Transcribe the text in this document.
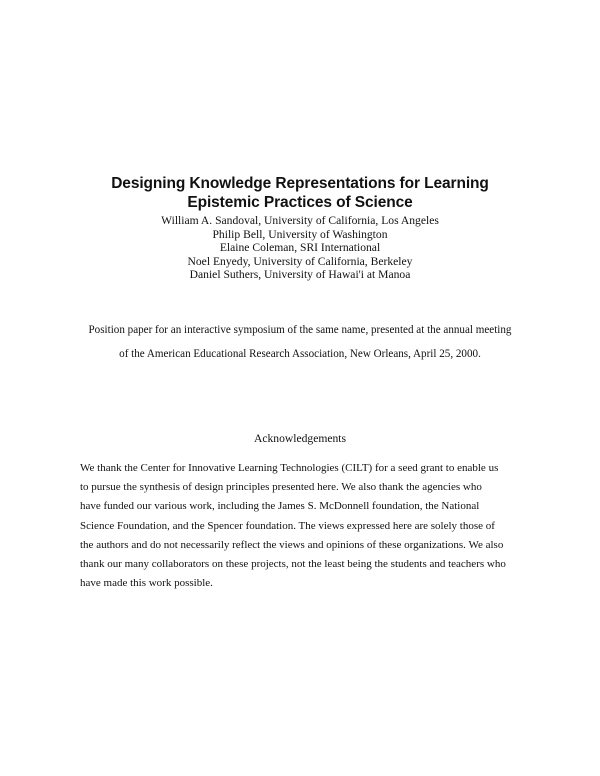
Designing Knowledge Representations for Learning
Epistemic Practices of Science
William A. Sandoval, University of California, Los Angeles
Philip Bell, University of Washington
Elaine Coleman, SRI International
Noel Enyedy, University of California, Berkeley
Daniel Suthers, University of Hawai'i at Manoa
Position paper for an interactive symposium of the same name, presented at the annual meeting
of the American Educational Research Association, New Orleans, April 25, 2000.
Acknowledgements
We thank the Center for Innovative Learning Technologies (CILT) for a seed grant to enable us
to pursue the synthesis of design principles presented here. We also thank the agencies who
have funded our various work, including the James S. McDonnell foundation, the National
Science Foundation, and the Spencer foundation. The views expressed here are solely those of
the authors and do not necessarily reflect the views and opinions of these organizations. We also
thank our many collaborators on these projects, not the least being the students and teachers who
have made this work possible.
